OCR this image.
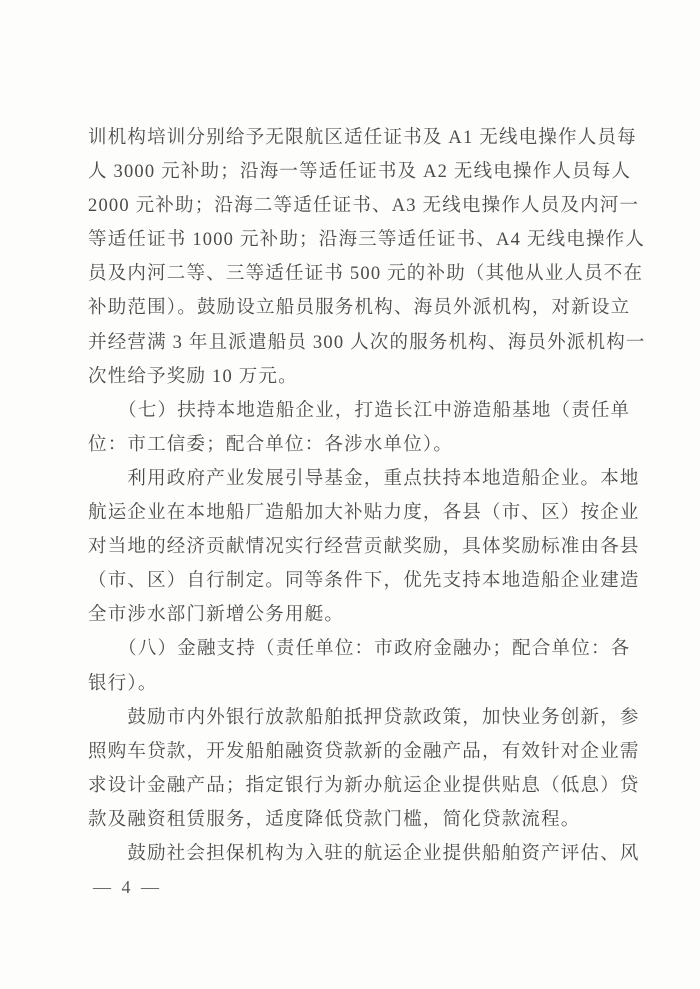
训机构培训分别给予无限航区适任证书及 A1 无线电操作人员每
人 3000 元补助；沿海一等适任证书及 A2 无线电操作人员每人
2000 元补助；沿海二等适任证书、A3 无线电操作人员及内河一
等适任证书 1000 元补助；沿海三等适任证书、A4 无线电操作人
员及内河二等、三等适任证书 500 元的补助（其他从业人员不在
补助范围）。鼓励设立船员服务机构、海员外派机构，对新设立
并经营满 3 年且派遣船员 300 人次的服务机构、海员外派机构一
次性给予奖励 10 万元。
　　（七）扶持本地造船企业，打造长江中游造船基地（责任单
位：市工信委；配合单位：各涉水单位）。
　　利用政府产业发展引导基金，重点扶持本地造船企业。本地
航运企业在本地船厂造船加大补贴力度，各县（市、区）按企业
对当地的经济贡献情况实行经营贡献奖励，具体奖励标准由各县
（市、区）自行制定。同等条件下，优先支持本地造船企业建造
全市涉水部门新增公务用艇。
　　（八）金融支持（责任单位：市政府金融办；配合单位：各
银行）。
　　鼓励市内外银行放款船舶抵押贷款政策，加快业务创新，参
照购车贷款，开发船舶融资贷款新的金融产品，有效针对企业需
求设计金融产品；指定银行为新办航运企业提供贴息（低息）贷
款及融资租赁服务，适度降低贷款门槛，简化贷款流程。
　　鼓励社会担保机构为入驻的航运企业提供船舶资产评估、风
— 4 —
